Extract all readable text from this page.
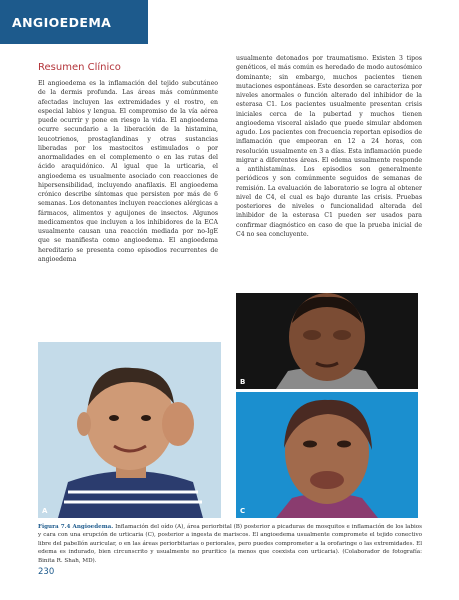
ANGIOEDEMA
Resumen Clínico

El angioedema es la inflamación del tejido subcutáneo de la dermis profunda. Las áreas más comúnmente afectadas incluyen las extremidades y el rostro, en especial labios y lengua. El compromiso de la vía aérea puede ocurrir y pone en riesgo la vida. El angioedema ocurre secundario a la liberación de la histamina, leucotrienos, prostaglandinas y otras sustancias liberadas por los mastocitos estimulados o por anormalidades en el complemento o en las rutas del ácido araquidónico. Al igual que la urticaria, el angioedema es usualmente asociado con reacciones de hipersensibilidad, incluyendo anafilaxis. El angioedema crónico describe síntomas que persisten por más de 6 semanas. Los detonantes incluyen reacciones alérgicas a fármacos, alimentos y aguijones de insectos. Algunos medicamentos que incluyen a los inhibidores de la ECA usualmente causan una reacción mediada por no-IgE que se manifiesta como angioedema. El angioedema hereditario se presenta como episodios recurrentes de angioedema

usualmente detonados por traumatismo. Existen 3 tipos genéticos, el más común es heredado de modo autosómico dominante; sin embargo, muchos pacientes tienen mutaciones espontáneas. Este desorden se caracteriza por niveles anormales o función alterado del inhibidor de la esterasa C1. Los pacientes usualmente presentan crisis iniciales cerca de la pubertad y muchos tienen angioedema visceral aislado que puede simular abdomen agudo. Los pacientes con frecuencia reportan episodios de inflamación que empeoran en 12 a 24 horas, con resolución usualmente en 3 a días. Esta inflamación puede migrar a diferentes áreas. El edema usualmente responde a antihistamínas. Los episodios son generalmente periódicos y son comúnmente seguidos de semanas de remisión. La evaluación de laboratorio se logra al obtener nivel de C4, el cual es bajo durante las crisis. Pruebas posteriores de niveles o funcionalidad alterada del inhibidor de la esterasa C1 pueden ser usados para confirmar diagnóstico en caso de que la prueba inicial de C4 no sea concluyente.

A
B
C
Figura 7.4 Angioedema. Inflamación del oído (A), área periorbital (B) posterior a picaduras de mosquitos e inflamación de los labios y cara con una erupción de urticaria (C), posterior a ingesta de mariscos. El angioedema usualmente compromete el tejido conectivo libre del pabellón auricular, o en las áreas periorbitarias o periorales, pero puedes comprometer a la orofaringe o las extremidades. El edema es indurado, bien circunscrito y usualmente no pruritico (a menos que coexista con urticaria). (Colaborador de fotografía: Binita R. Shah, MD).
230
